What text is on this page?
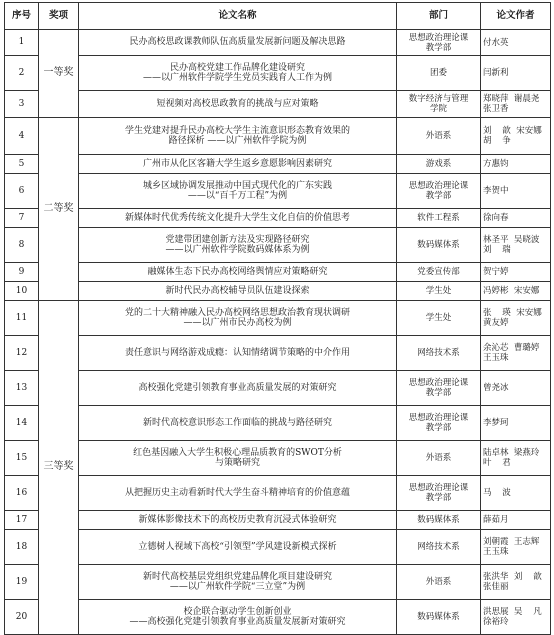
序号	奖项	论文名称	部门	论文作者
1	一等奖	民办高校思政课教师队伍高质量发展新问题及解决思路	思想政治理论课
教学部	付水英

2		民办高校党建工作品牌化建设研究
——以广州软件学院学生党员实践育人工作为例	团委	闫新利

3		短视频对高校思政教育的挑战与应对策略	数字经济与管理
学院	郑晓萍  谢晨尧
张卫香

4	二等奖	学生党建对提升民办高校大学生主流意识形态教育效果的
路径探析 ——以广州软件学院为例	外语系	刘    歆  宋安娜
胡    争

5		广州市从化区客籍大学生返乡意愿影响因素研究	游戏系	方惠钧

6		城乡区域协调发展推动中国式现代化的广东实践
——以“百千万工程”为例	思想政治理论课
教学部	李贺中

7		新媒体时代优秀传统文化提升大学生文化自信的价值思考	软件工程系	徐向春

8		党建带团建创新方法及实现路径研究
——以广州软件学院数码媒体系为例	数码媒体系	林圣平  吴晓波
刘    瑞

9		融媒体生态下民办高校网络舆情应对策略研究	党委宣传部	贺宁婷

10		新时代民办高校辅导员队伍建设探索	学生处	冯婷彬  宋安娜

11	三等奖	党的二十大精神融入民办高校网络思想政治教育现状调研
——以广州市民办高校为例	学生处	张    瑛  宋安娜
黄友婷

12		责任意识与网络游戏成瘾：认知情绪调节策略的中介作用	网络技术系	余沁芯  曹璐婷
王玉珠

13		高校强化党建引领教育事业高质量发展的对策研究	思想政治理论课
教学部	曾尧冰

14		新时代高校意识形态工作面临的挑战与路径研究	思想政治理论课
教学部	李梦珂

15		红色基因融入大学生积极心理品质教育的SWOT分析
与策略研究	外语系	陆卓林  梁燕玲
叶    君

16		从把握历史主动看新时代大学生奋斗精神培育的价值意蕴	思想政治理论课
教学部	马    波

17		新媒体影像技术下的高校历史教育沉浸式体验研究	数码媒体系	薛茹月

18		立德树人视域下高校“引领型”学风建设新模式探析	网络技术系	刘朝霞  王志辉
王玉珠

19		新时代高校基层党组织党建品牌化项目建设研究
——以广州软件学院“三立堂”为例	外语系	张洪华  刘    歆
张佳丽

20		校企联合驱动学生创新创业
——高校强化党建引领教育事业高质量发展新对策研究	数码媒体系	洪思展  吴    凡
徐裕玲
